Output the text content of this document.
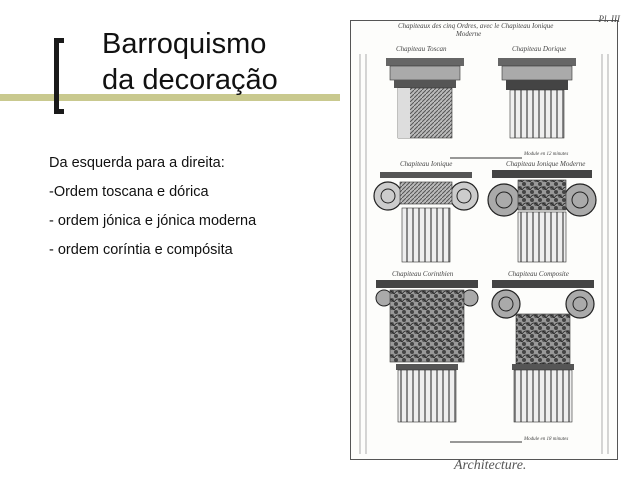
Barroquismo
da decoração
Da esquerda para a direita:
-Ordem toscana e dórica
- ordem jónica e jónica moderna
- ordem coríntia e compósita
Pl. III
Chapiteaux des cinq Ordres, avec le Chapiteau Ionique
Moderne
Chapiteau Toscan	Chapiteau Dorique
Chapiteau Ionique	Chapiteau Ionique Moderne
Module en 12 minutes
Chapiteau Corinthien	Chapiteau Composite
Module en 18 minutes
Architecture.
